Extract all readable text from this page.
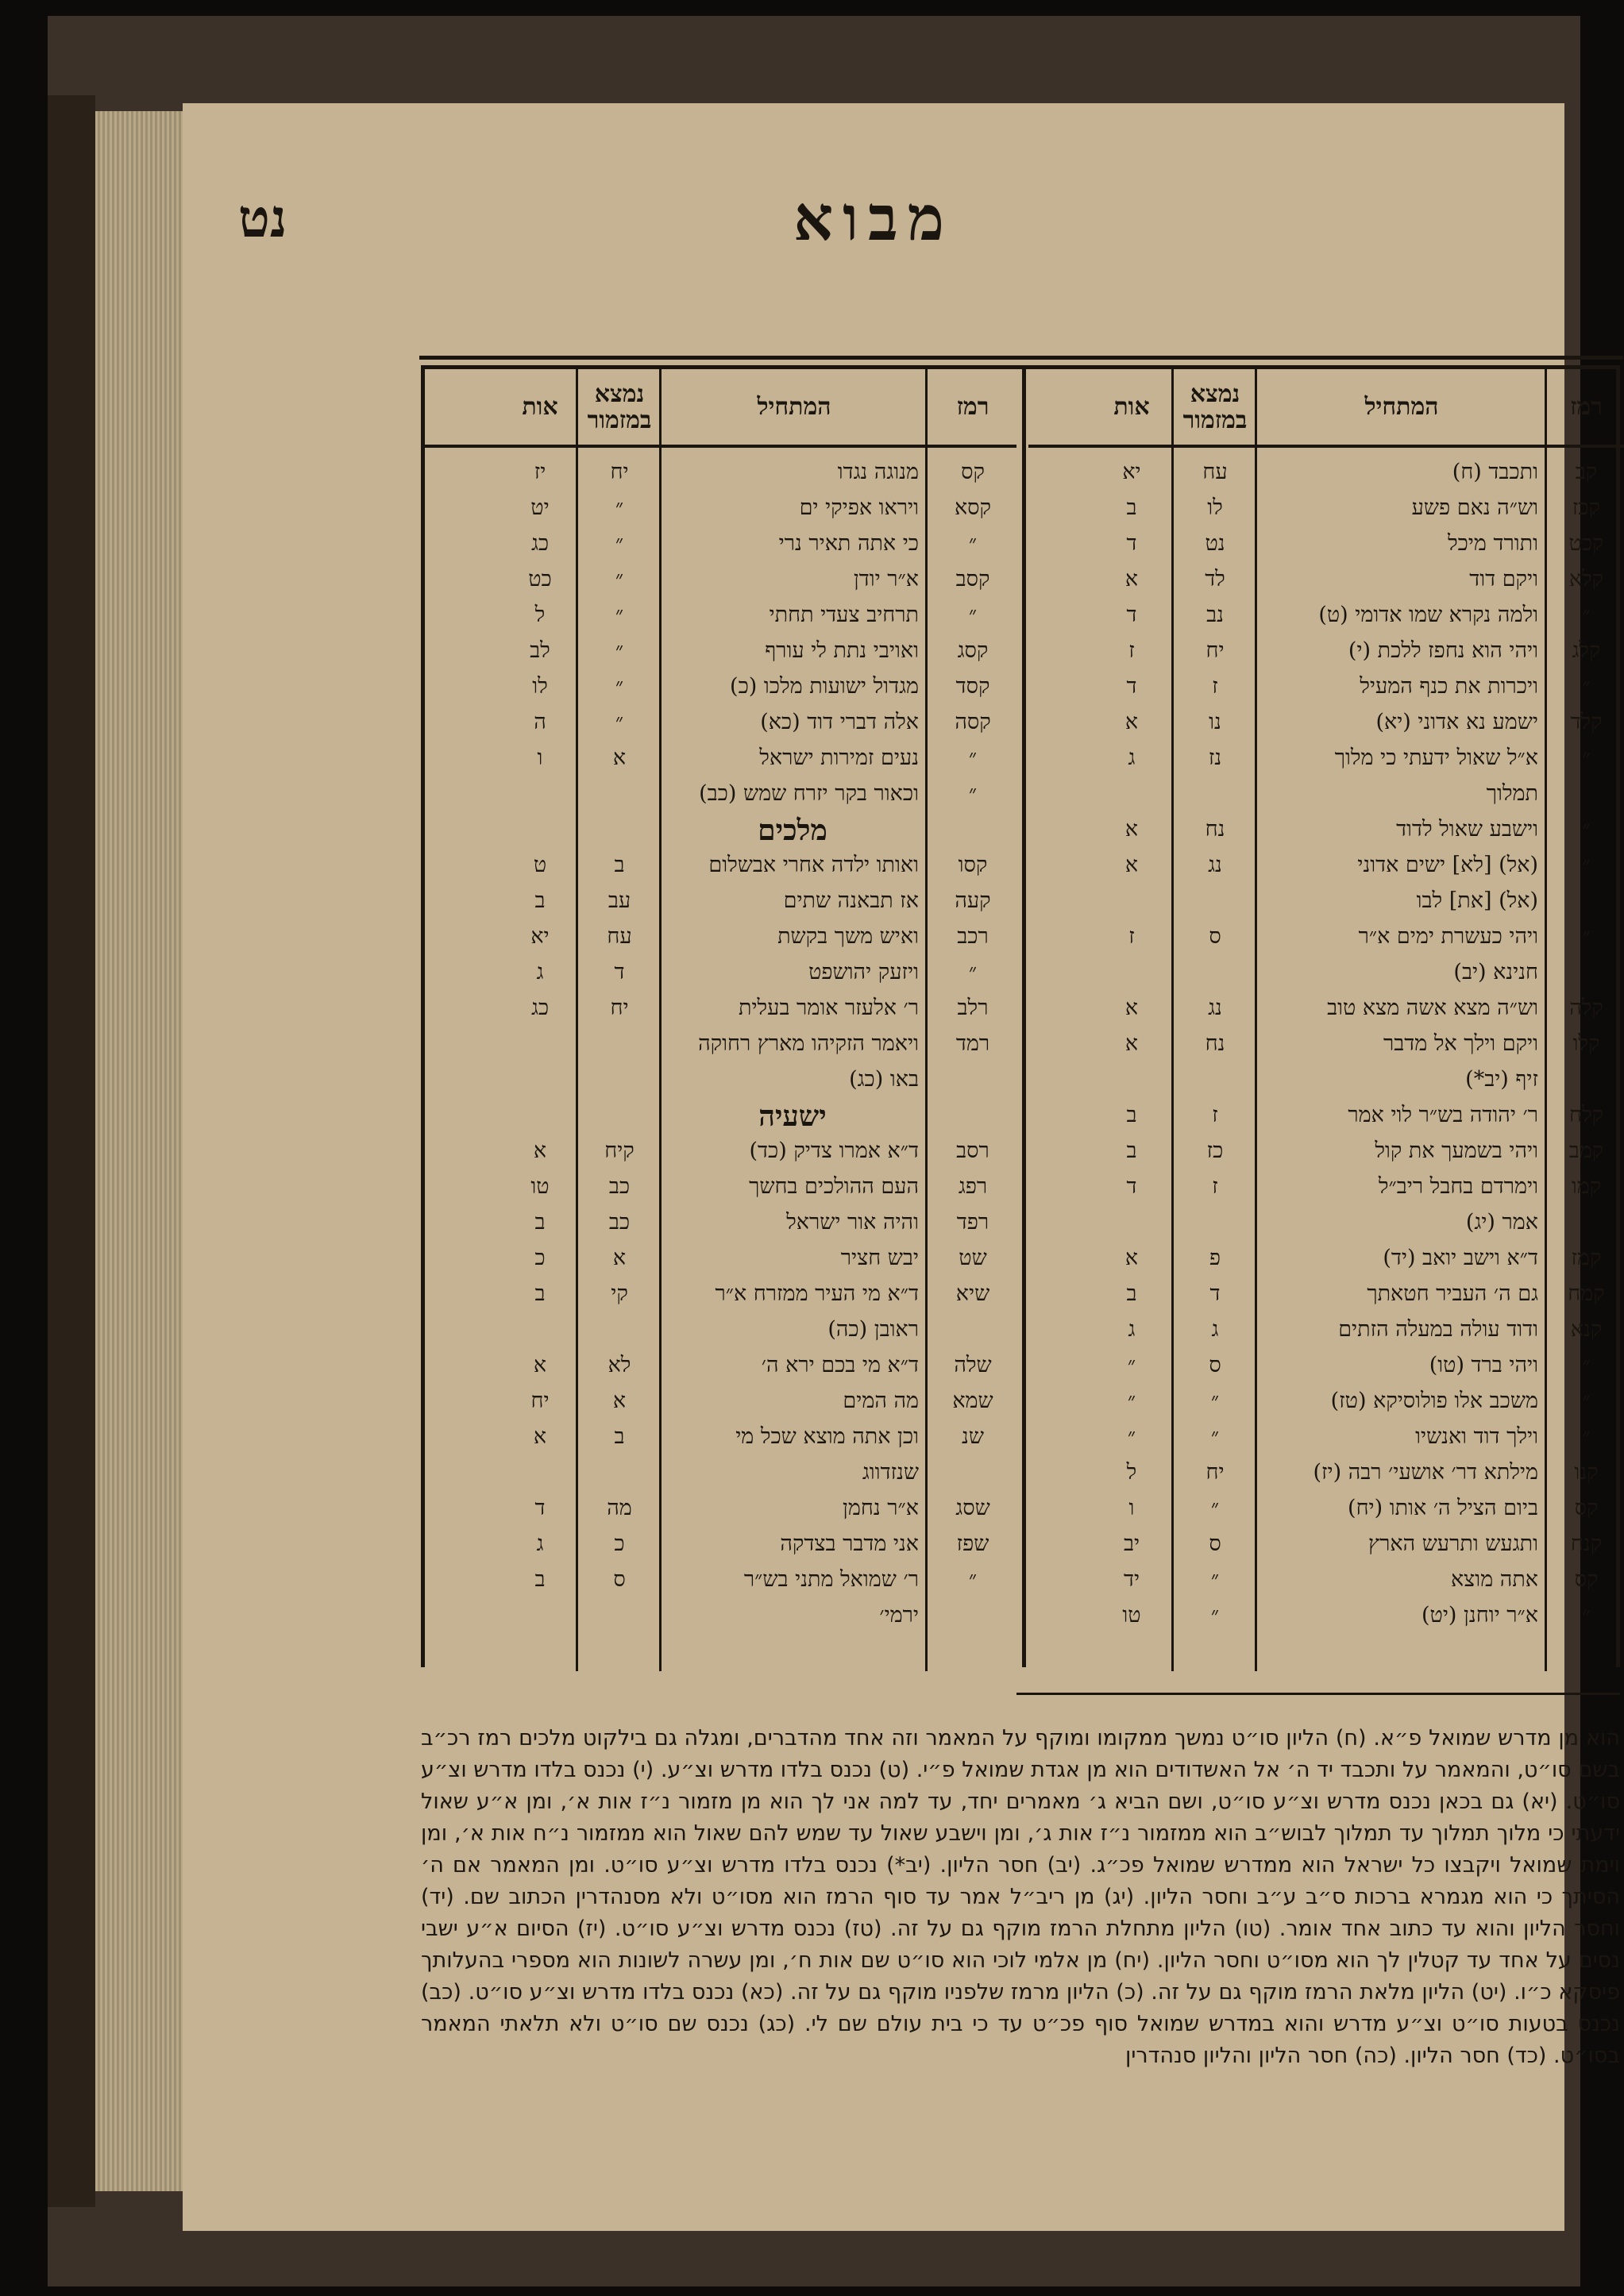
מבוא
נט
רמז
המתחיל
נמצא
במזמור
אות
קב
ותכבד (ח)
עח
יא
קכז
וש״ה נאם פשע
לו
ב
קכט
ותורד מיכל
נט
ד
קלא
ויקם דוד
לד
א
״
ולמה נקרא שמו אדומי (ט)
נב
ד
קלג
ויהי הוא נחפז ללכת (י)
יח
ז
״
ויכרות את כנף המעיל
ז
ד
קלד
ישמע נא אדוני (יא)
נו
א
״
א״ל שאול ידעתי כי מלוך
נז
ג
תמלוך
״
וישבע שאול לדוד
נח
א
״
(אל) [לא] ישים אדוני
נג
א
(אל) [את] לבו
״
ויהי כעשרת ימים א״ר
ס
ז
חנינא (יב)
קלה
וש״ה מצא אשה מצא טוב
נג
א
קלו
ויקם וילך אל מדבר
נח
א
זיף (יב*)
קלח
ר׳ יהודה בש״ר לוי אמר
ז
ב
קמב
ויהי בשמעך את קול
כז
ב
קמו
וימרדם בחבל ריב״ל
ז
ד
אמר (יג)
קמז
ד״א וישב יואב (יד)
פ
א
קמח
גם ה׳ העביר חטאתך
ד
ב
קנא
ודוד עולה במעלה הזתים
ג
ג
״
ויהי ברד (טו)
ס
״
״
משכב אלו פולוסיקא (טז)
״
״
״
וילך דוד ואנשיו
״
״
קנו
מילתא דר׳ אושעי׳ רבה (יז)
יח
ל
קס
ביום הציל ה׳ אותו (יח)
״
ו
קנח
ותגעש ותרעש הארץ
ס
יב
קס
אתה מוצא
״
יד
״
א״ר יוחנן (יט)
״
טו
רמז
המתחיל
נמצא
במזמור
אות
קס
מנוגה נגדו
יח
יז
קסא
ויראו אפיקי ים
״
יט
״
כי אתה תאיר נרי
״
כג
קסב
א״ר יודן
״
כט
״
תרחיב צעדי תחתי
״
ל
קסג
ואויבי נתת לי עורף
״
לב
קסד
מגדול ישועות מלכו (כ)
״
לו
קסה
אלה דברי דוד (כא)
״
ה
״
נעים זמירות ישראל
א
ו
״
וכאור בקר יזרח שמש (כב)
מלכים
קסו
ואותו ילדה אחרי אבשלום
ב
ט
קעה
אז תבאנה שתים
עב
ב
רכב
ואיש משך בקשת
עח
יא
״
ויזעק יהושפט
ד
ג
רלב
ר׳ אלעזר אומר בעלית
יח
כג
רמד
ויאמר הזקיהו מארץ רחוקה
באו (כג)
ישעיה
רסב
ד״א אמרו צדיק (כד)
קיח
א
רפג
העם ההולכים בחשך
כב
טו
רפד
והיה אור ישראל
כב
ב
שט
יבש חציר
א
כ
שיא
ד״א מי העיר ממזרח א״ר
קי
ב
ראובן (כה)
שלה
ד״א מי בכם ירא ה׳
לא
א
שמא
מה המים
א
יח
שנ
וכן אתה מוצא שכל מי
ב
א
שנזדווג
שסג
א״ר נחמן
מה
ד
שפז
אני מדבר בצדקה
כ
ג
״
ר׳ שמואל מתני בש״ר
ס
ב
ירמי׳
הוא מן מדרש שמואל פ״א. (ח) הליון סו״ט נמשך ממקומו ומוקף על המאמר וזה אחד מהדברים, ומגלה גם בילקוט מלכים רמז רכ״ב בשם סו״ט, והמאמר על ותכבד יד ה׳ אל האשדודים הוא מן אגדת שמואל פ״י. (ט) נכנס בלדו מדרש וצ״ע. (י) נכנס בלדו מדרש וצ״ע סו״ט. (יא) גם בכאן נכנס מדרש וצ״ע סו״ט, ושם הביא ג׳ מאמרים יחד, עד למה אני לך הוא מן מזמור נ״ז אות א׳, ומן א״ע שאול ידעתי כי מלוך תמלוך עד תמלוך לבוש״ב הוא ממזמור נ״ז אות ג׳, ומן וישבע שאול עד שמש להם שאול הוא ממזמור נ״ח אות א׳, ומן וימת שמואל ויקבצו כל ישראל הוא ממדרש שמואל פכ״ג. (יב) חסר הליון. (יב*) נכנס בלדו מדרש וצ״ע סו״ט. ומן המאמר אם ה׳ הסיתך כי הוא מגמרא ברכות ס״ב ע״ב וחסר הליון. (יג) מן ריב״ל אמר עד סוף הרמז הוא מסו״ט ולא מסנהדרין הכתוב שם. (יד) וחסר הליון והוא עד כתוב אחד אומר. (טו) הליון מתחלת הרמז מוקף גם על זה. (טז) נכנס מדרש וצ״ע סו״ט. (יז) הסיום א״ע ישבי נסים על אחד עד קטלין לך הוא מסו״ט וחסר הליון. (יח) מן אלמי לוכי הוא סו״ט שם אות ח׳, ומן עשרה לשונות הוא מספרי בהעלותך פיסקא כ״ו. (יט) הליון מלאת הרמז מוקף גם על זה. (כ) הליון מרמז שלפניו מוקף גם על זה. (כא) נכנס בלדו מדרש וצ״ע סו״ט. (כב) נכנס בטעות סו״ט וצ״ע מדרש והוא במדרש שמואל סוף פכ״ט עד כי בית עולם שם לי. (כג) נכנס שם סו״ט ולא תלאתי המאמר בסו״ט. (כד) חסר הליון. (כה) חסר הליון והליון סנהדרין
